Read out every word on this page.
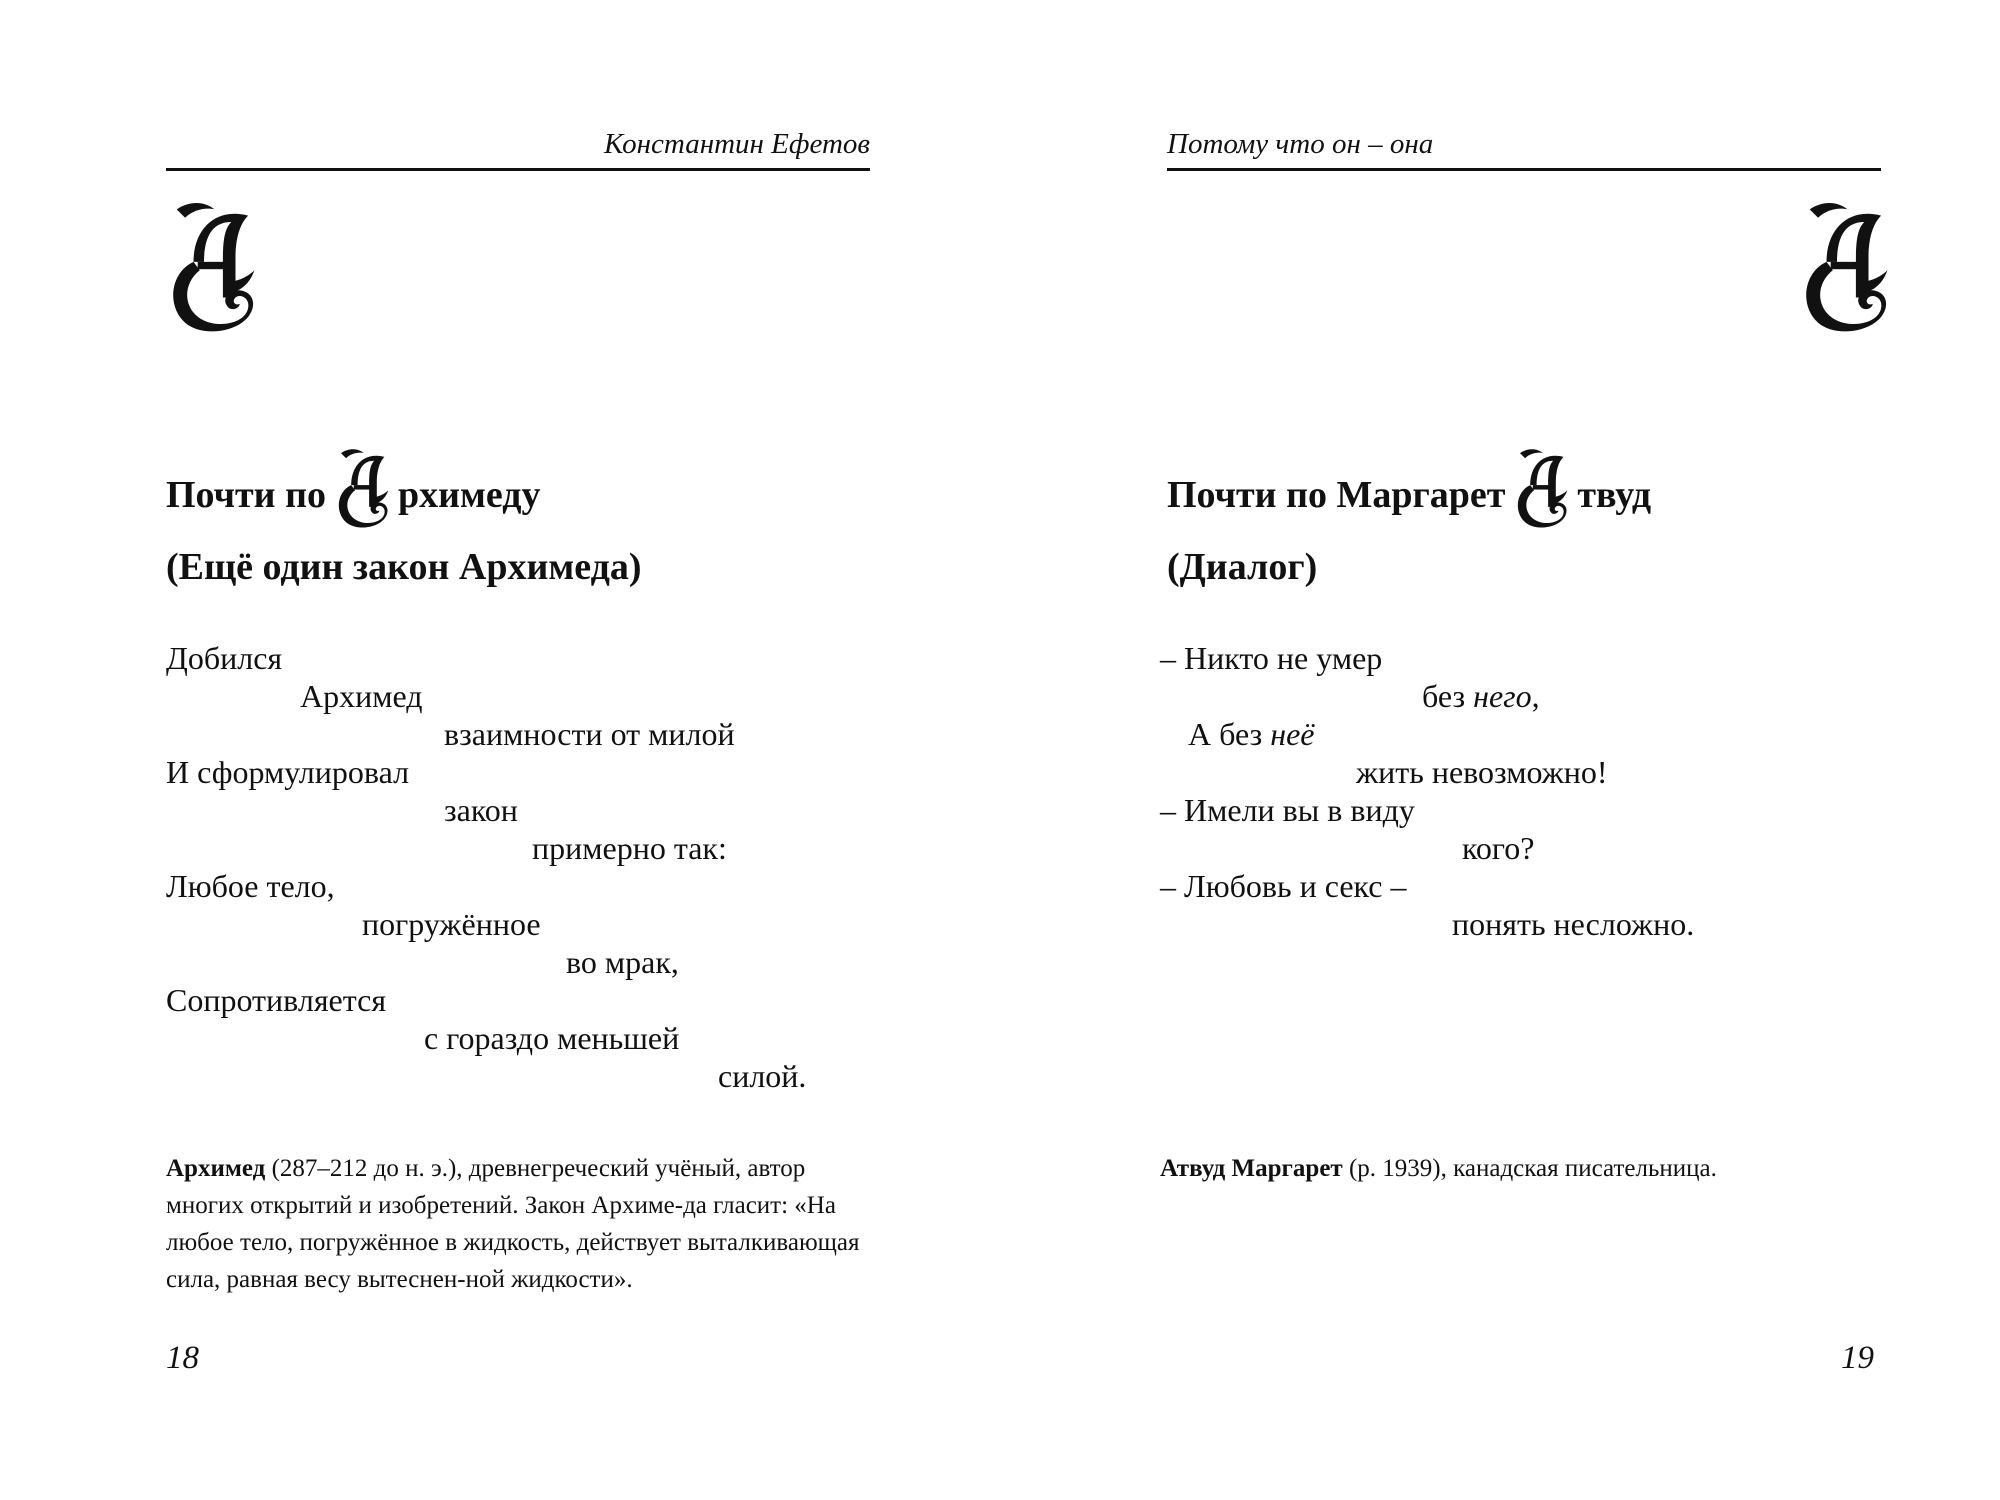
Константин Ефетов
Почти по рхимеду
(Ещё один закон Архимеда)
Добился
Архимед
взаимности от милой
И сформулировал
закон
примерно так:
Любое тело,
погружённое
во мрак,
Сопротивляется
с гораздо меньшей
силой.
Архимед (287–212 до н. э.), древнегреческий учёный, автор многих открытий и изобретений. Закон Архиме-да гласит: «На любое тело, погружённое в жидкость, действует выталкивающая сила, равная весу вытеснен-ной жидкости».
18
Потому что он – она
Почти по Маргарет твуд
(Диалог)
– Никто не умер
без него,
А без неё
жить невозможно!
– Имели вы в виду
кого?
– Любовь и секс –
понять несложно.
Атвуд Маргарет (р. 1939), канадская писательница.
19
